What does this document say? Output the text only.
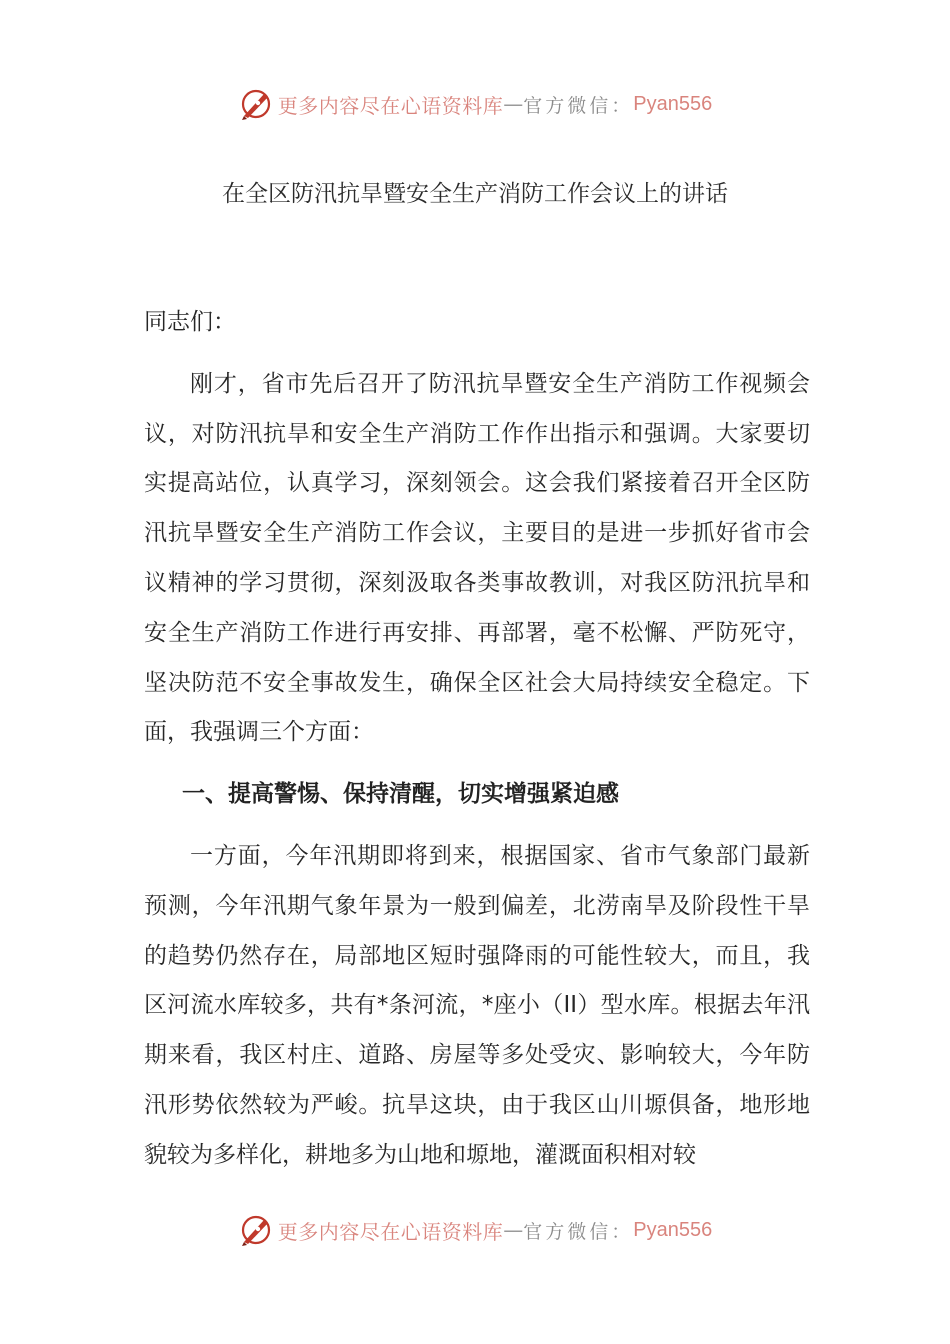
更多内容尽在心语资料库 — 官方微信： Pyan556
在全区防汛抗旱暨安全生产消防工作会议上的讲话

同志们：

刚才，省市先后召开了防汛抗旱暨安全生产消防工作视频会议，对防汛抗旱和安全生产消防工作作出指示和强调。大家要切实提高站位，认真学习，深刻领会。这会我们紧接着召开全区防汛抗旱暨安全生产消防工作会议，主要目的是进一步抓好省市会议精神的学习贯彻，深刻汲取各类事故教训，对我区防汛抗旱和安全生产消防工作进行再安排、再部署，毫不松懈、严防死守，坚决防范不安全事故发生，确保全区社会大局持续安全稳定。下面，我强调三个方面：

一、提高警惕、保持清醒，切实增强紧迫感

一方面，今年汛期即将到来，根据国家、省市气象部门最新预测，今年汛期气象年景为一般到偏差，北涝南旱及阶段性干旱的趋势仍然存在，局部地区短时强降雨的可能性较大，而且，我区河流水库较多，共有*条河流，*座小（II）型水库。根据去年汛期来看，我区村庄、道路、房屋等多处受灾、影响较大，今年防汛形势依然较为严峻。抗旱这块，由于我区山川塬俱备，地形地貌较为多样化，耕地多为山地和塬地，灌溉面积相对较

更多内容尽在心语资料库 — 官方微信： Pyan556
